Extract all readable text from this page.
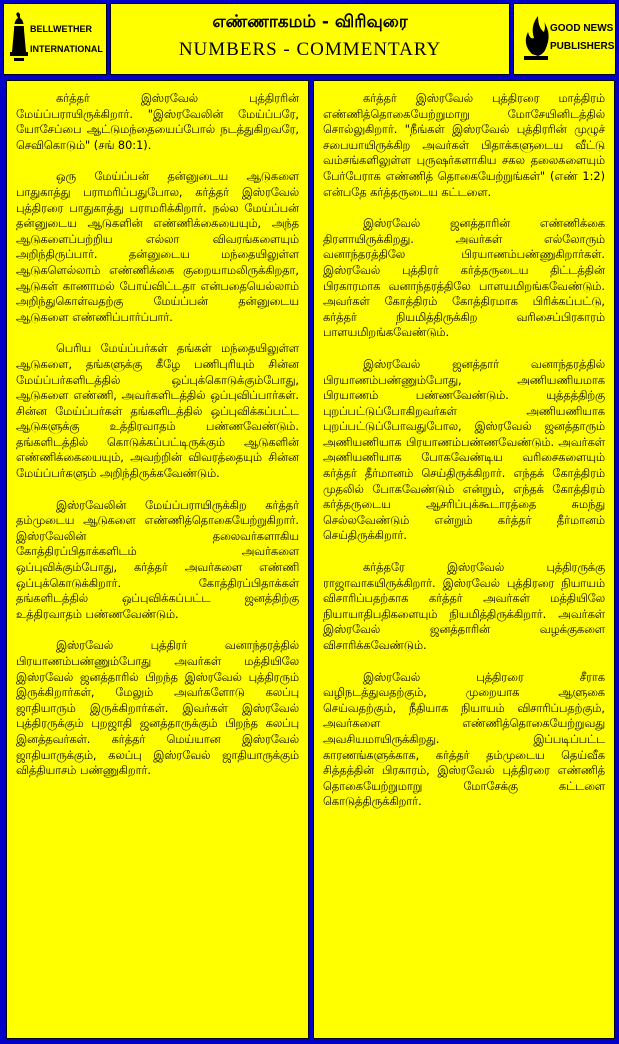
BELLWETHER
INTERNATIONAL
எண்ணாகமம் - விரிவுரை
NUMBERS - COMMENTARY
GOOD NEWS
PUBLISHERS

கர்த்தர் இஸ்ரவேல் புத்திரரின் மேய்ப்பராயிருக்கிறார். "இஸ்ரவேலின் மேய்ப்பரே, யோசேப்பை ஆட்டுமந்தையைப்போல் நடத்துகிறவரே, செவிகொடும்" (சங் 80:1).

ஒரு மேய்ப்பன் தன்னுடைய ஆடுகளை பாதுகாத்து பராமரிப்பதுபோல, கர்த்தர் இஸ்ரவேல் புத்திரரை பாதுகாத்து பராமரிக்கிறார். நல்ல மேய்ப்பன் தன்னுடைய ஆடுகளின் எண்ணிக்கையையும், அந்த ஆடுகளைப்பற்றிய எல்லா விவரங்களையும் அறிந்திருப்பார். தன்னுடைய மந்தையிலுள்ள ஆடுகளெல்லாம் எண்ணிக்கை குறையாமலிருக்கிறதா, ஆடுகள் காணாமல் போய்விட்டதா என்பதையெல்லாம் அறிந்துகொள்வதற்கு மேய்ப்பன் தன்னுடைய ஆடுகளை எண்ணிப்பார்ப்பார்.

பெரிய மேய்ப்பர்கள் தங்கள் மந்தையிலுள்ள ஆடுகளை, தங்களுக்கு கீழே பணிபுரியும் சின்ன மேய்ப்பர்களிடத்தில் ஒப்புக்கொடுக்கும்போது, ஆடுகளை எண்ணி, அவர்களிடத்தில் ஒப்புவிப்பார்கள். சின்ன மேய்ப்பர்கள் தங்களிடத்தில் ஒப்புவிக்கப்பட்ட ஆடுகளுக்கு உத்திரவாதம் பண்ணவேண்டும். தங்களிடத்தில் கொடுக்கப்பட்டிருக்கும் ஆடுகளின் எண்ணிக்கையையும், அவற்றின் விவரத்தையும் சின்ன மேய்ப்பர்களும் அறிந்திருக்கவேண்டும்.

இஸ்ரவேலின் மேய்ப்பராயிருக்கிற கர்த்தர் தம்முடைய ஆடுகளை எண்ணித்தொகையேற்றுகிறார். இஸ்ரவேலின் தலைவர்களாகிய கோத்திரப்பிதாக்களிடம் அவர்களை ஒப்புவிக்கும்போது, கர்த்தர் அவர்களை எண்ணி ஒப்புக்கொடுக்கிறார். கோத்திரப்பிதாக்கள் தங்களிடத்தில் ஒப்புவிக்கப்பட்ட ஜனத்திற்கு உத்திரவாதம் பண்ணவேண்டும்.

இஸ்ரவேல் புத்திரர் வனாந்தரத்தில் பிரயாணம்பண்ணும்போது அவர்கள் மத்தியிலே இஸ்ரவேல் ஜனத்தாரில் பிறந்த இஸ்ரவேல் புத்திரரும் இருக்கிறார்கள், மேலும் அவர்களோடு கலப்பு ஜாதியாரும் இருக்கிறார்கள். இவர்கள் இஸ்ரவேல் புத்திரருக்கும் புறஜாதி ஜனத்தாருக்கும் பிறந்த கலப்பு இனத்தவர்கள். கர்த்தர் மெய்யான இஸ்ரவேல் ஜாதியாருக்கும், கலப்பு இஸ்ரவேல் ஜாதியாருக்கும் வித்தியாசம் பண்ணுகிறார்.

கர்த்தர் இஸ்ரவேல் புத்திரரை மாத்திரம் எண்ணித்தொகையேற்றுமாறு மோசேயினிடத்தில் சொல்லுகிறார். "நீங்கள் இஸ்ரவேல் புத்திரரின் முழுச் சபையாயிருக்கிற அவர்கள் பிதாக்களுடைய வீட்டு வம்சங்களிலுள்ள புருஷர்களாகிய சகல தலைகளையும் பேர்பேராக எண்ணித் தொகையேற்றுங்கள்" (எண் 1:2) என்பதே கர்த்தருடைய கட்டளை.

இஸ்ரவேல் ஜனத்தாரின் எண்ணிக்கை திரளாயிருக்கிறது. அவர்கள் எல்லோரும் வனாந்தரத்திலே பிரயாணம்பண்ணுகிறார்கள். இஸ்ரவேல் புத்திரர் கர்த்தருடைய திட்டத்தின் பிரகாரமாக வனாந்தரத்திலே பாளயமிறங்கவேண்டும். அவர்கள் கோத்திரம் கோத்திரமாக பிரிக்கப்பட்டு, கர்த்தர் நியமித்திருக்கிற வரிசைப்பிரகாரம் பாளயமிறங்கவேண்டும்.

இஸ்ரவேல் ஜனத்தார் வனாந்தரத்தில் பிரயாணம்பண்ணும்போது, அணியணியமாக பிரயாணம் பண்ணவேண்டும். யுத்தத்திற்கு புறப்பட்டுப்போகிறவர்கள் அணியணியாக புறப்பட்டுப்போவதுபோல, இஸ்ரவேல் ஜனத்தாரும் அணியணியாக பிரயாணம்பண்ணவேண்டும். அவர்கள் அணியணியாக போகவேண்டிய வரிசைகளையும் கர்த்தர் தீர்மானம் செய்திருக்கிறார். எந்தக் கோத்திரம் முதலில் போகவேண்டும் என்றும், எந்தக் கோத்திரம் கர்த்தருடைய ஆசரிப்புக்கூடாரத்தை சுமந்து செல்லவேண்டும் என்றும் கர்த்தர் தீர்மானம் செய்திருக்கிறார்.

கர்த்தரே இஸ்ரவேல் புத்திரருக்கு ராஜாவாகயிருக்கிறார். இஸ்ரவேல் புத்திரரை நியாயம் விசாரிப்பதற்காக கர்த்தர் அவர்கள் மத்தியிலே நியாயாதிபதிகளையும் நியமித்திருக்கிறார். அவர்கள் இஸ்ரவேல் ஜனத்தாரின் வழக்குகளை விசாரிக்கவேண்டும்.

இஸ்ரவேல் புத்திரரை சீராக வழிநடத்துவதற்கும், முறையாக ஆளுகை செய்வதற்கும், நீதியாக நியாயம் விசாரிப்பதற்கும், அவர்களை எண்ணித்தொகையேற்றுவது அவசியமாயிருக்கிறது. இப்படிப்பட்ட காரணங்களுக்காக, கர்த்தர் தம்முடைய தெய்வீக சித்தத்தின் பிரகாரம், இஸ்ரவேல் புத்திரரை எண்ணித் தொகையேற்றுமாறு மோசேக்கு கட்டளை கொடுத்திருக்கிறார்.
